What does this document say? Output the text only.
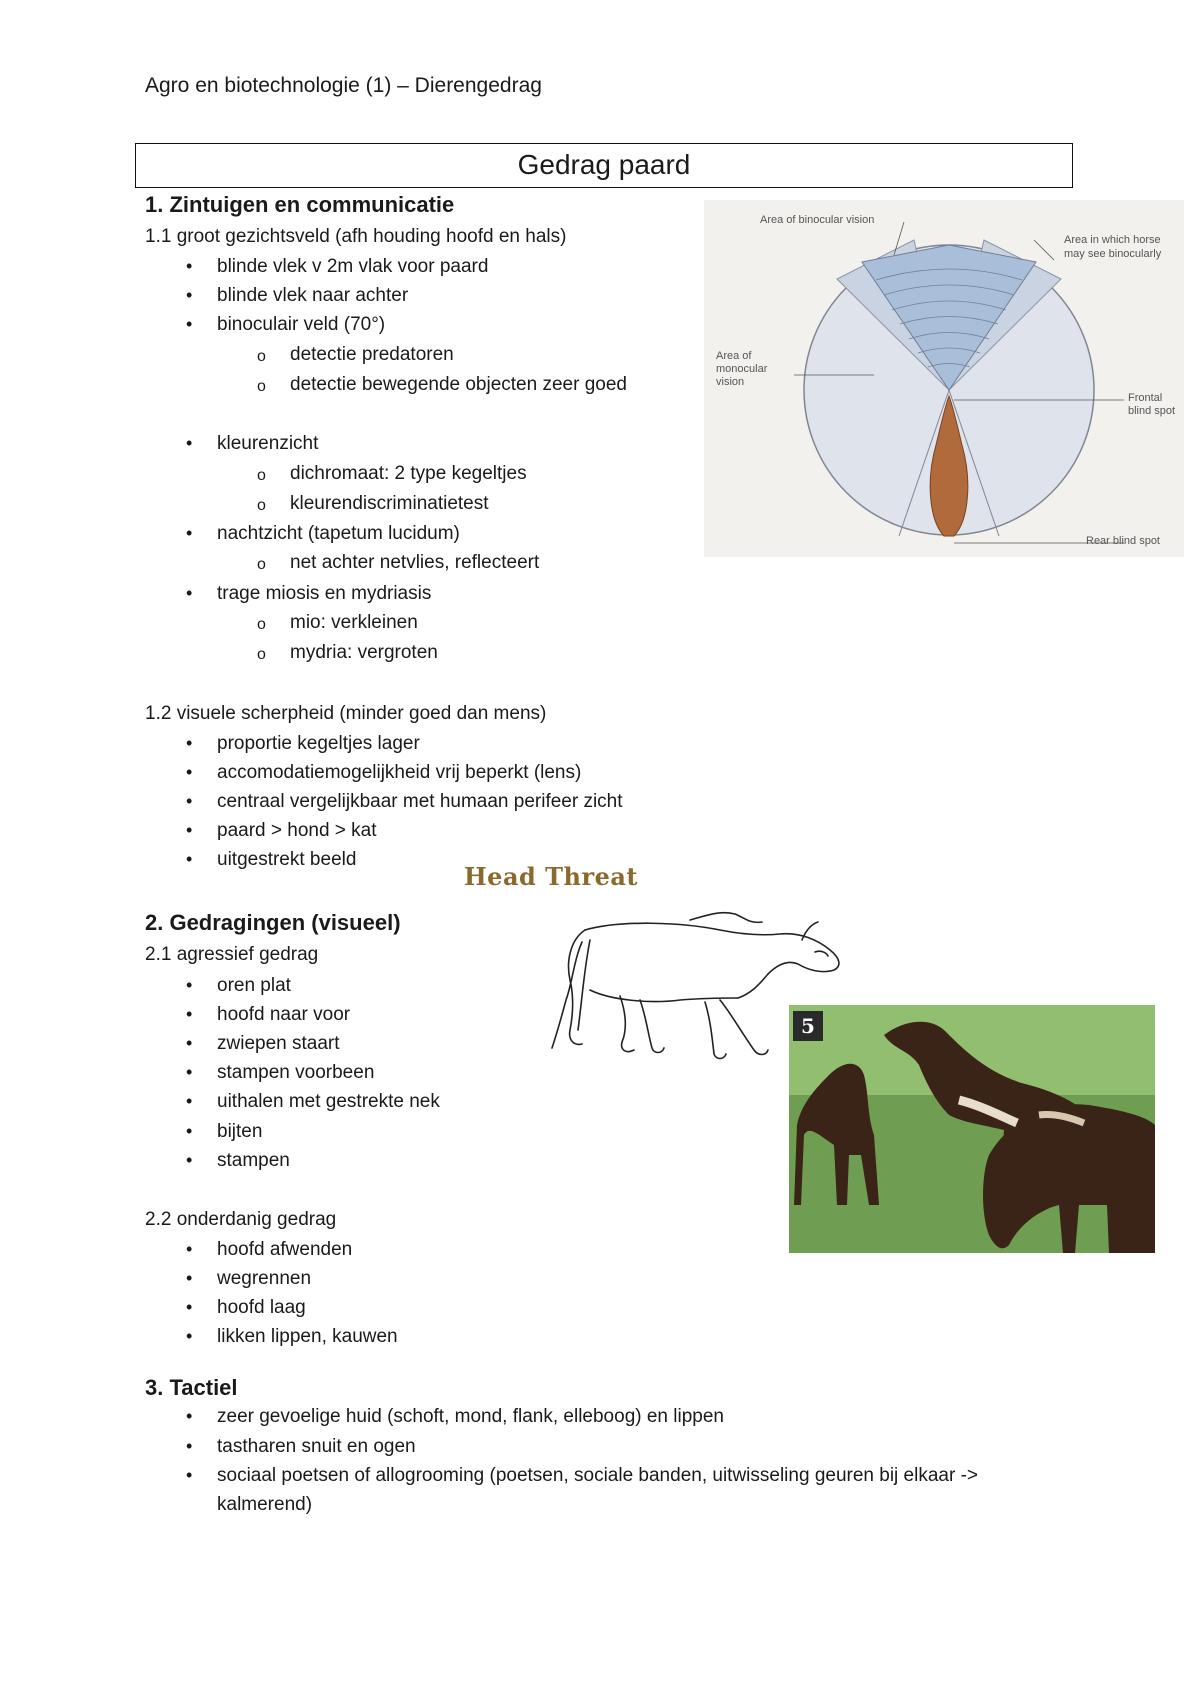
Agro en biotechnologie (1) – Dierengedrag
Gedrag paard
1. Zintuigen en communicatie
1.1 groot gezichtsveld (afh houding hoofd en hals)
• blinde vlek v 2m vlak voor paard
• blinde vlek naar achter
• binoculair veld (70°)
o detectie predatoren
o detectie bewegende objecten zeer goed
• kleurenzicht
o dichromaat: 2 type kegeltjes
o kleurendiscriminatietest
• nachtzicht (tapetum lucidum)
o net achter netvlies, reflecteert
• trage miosis en mydriasis
o mio: verkleinen
o mydria: vergroten
1.2 visuele scherpheid (minder goed dan mens)
• proportie kegeltjes lager
• accomodatiemogelijkheid vrij beperkt (lens)
• centraal vergelijkbaar met humaan perifeer zicht
• paard > hond > kat
• uitgestrekt beeld
2. Gedragingen (visueel)
2.1 agressief gedrag
• oren plat
• hoofd naar voor
• zwiepen staart
• stampen voorbeen
• uithalen met gestrekte nek
• bijten
• stampen
2.2 onderdanig gedrag
• hoofd afwenden
• wegrennen
• hoofd laag
• likken lippen, kauwen
3. Tactiel
• zeer gevoelige huid (schoft, mond, flank, elleboog) en lippen
• tastharen snuit en ogen
• sociaal poetsen of allogrooming (poetsen, sociale banden, uitwisseling geuren bij elkaar ->
kalmerend)
Area of binocular vision
Area in which horse
may see binocularly
Area of
monocular
vision
Frontal
blind spot
Rear blind spot
Head Threat
5
